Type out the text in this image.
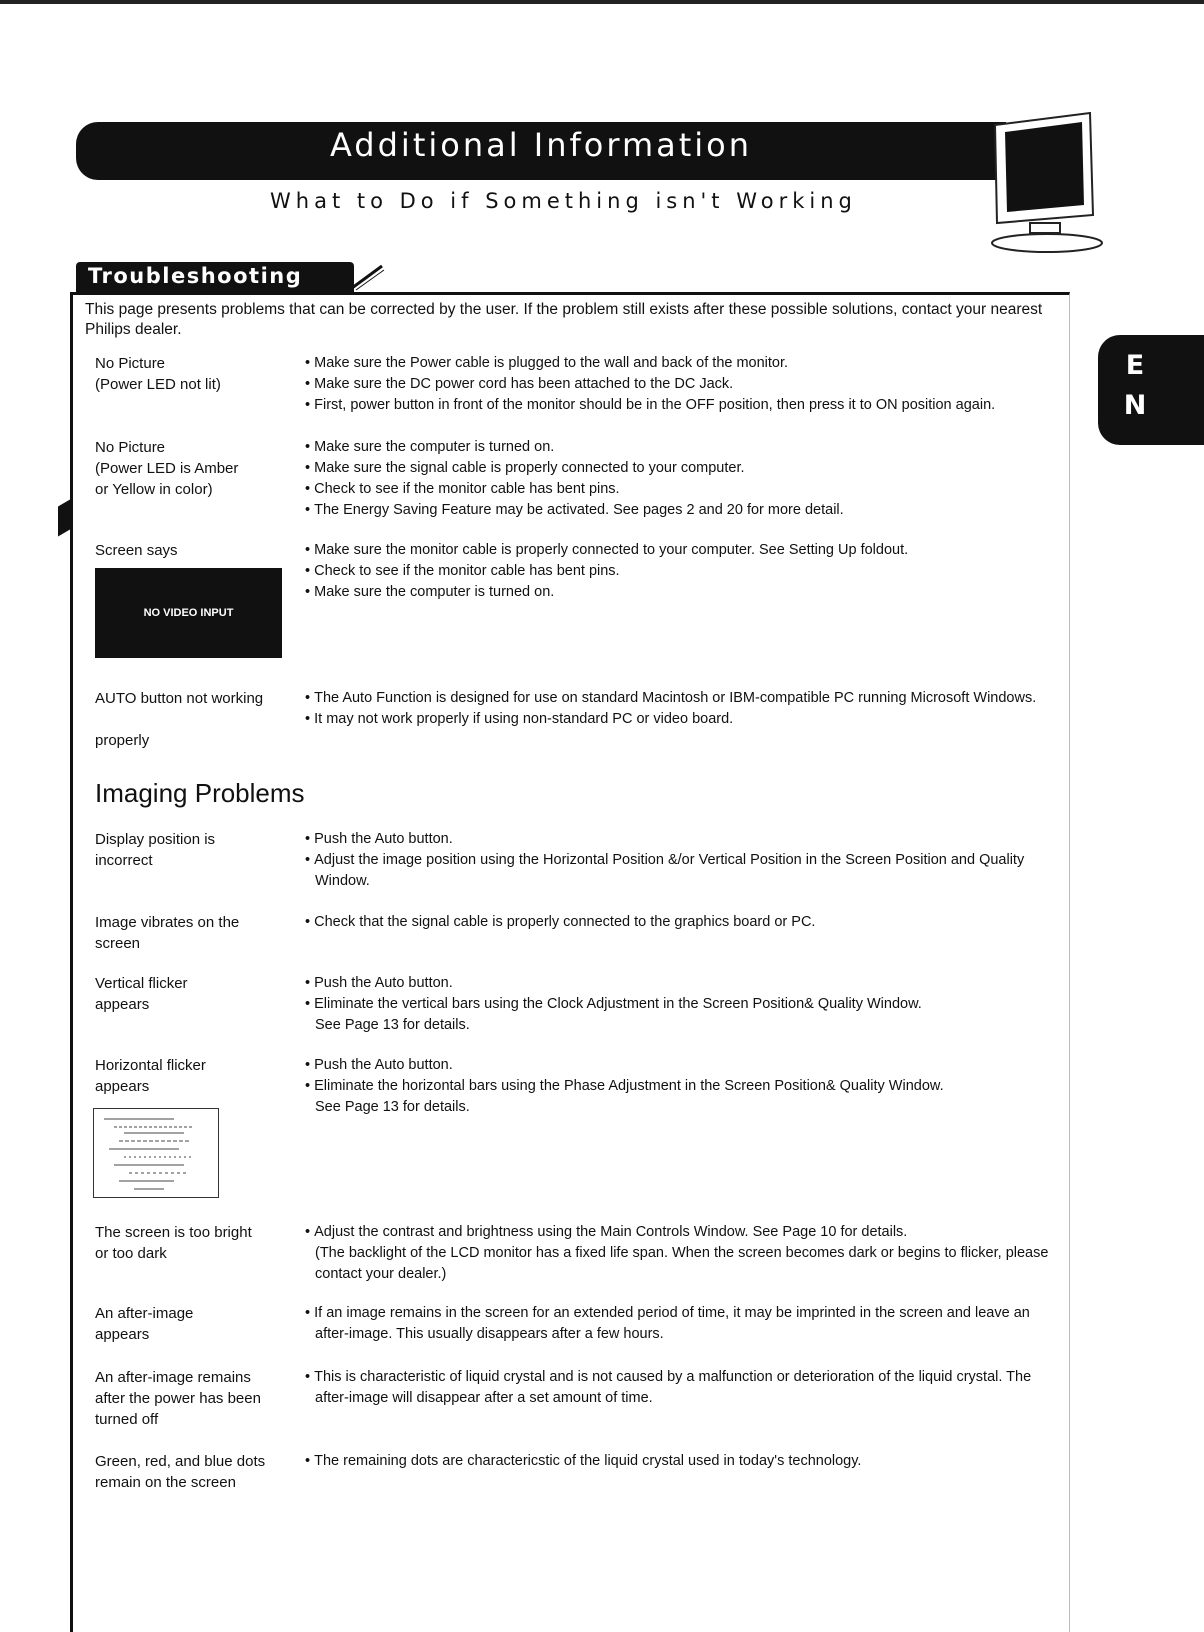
Additional Information
What to Do if Something isn't Working
E
N
Troubleshooting
This page presents problems that can be corrected by the user. If the problem still exists after these possible solutions, contact your nearest Philips dealer.
No Picture
(Power LED not lit)
• Make sure the Power cable is plugged to the wall and back of the monitor.
• Make sure the DC power cord has been attached to the DC Jack.
• First, power button in front of the monitor should be in the OFF position, then press it to ON position again.
No Picture
(Power LED is Amber
or Yellow in color)
• Make sure the computer is turned on.
• Make sure the signal cable is properly connected to your computer.
• Check to see if the monitor cable has bent pins.
• The Energy Saving Feature may be activated. See pages 2 and 20 for more detail.
Screen says
•	Make sure the monitor cable is properly connected to your computer. See Setting Up foldout.
• Check to see if the monitor cable has bent pins.
• Make sure the computer is turned on.
NO VIDEO INPUT
AUTO button not working

properly
• The Auto Function is designed for use on standard Macintosh or IBM-compatible PC running Microsoft Windows.
• It may not work properly if using non-standard PC or video board.
Imaging Problems
Display position is
incorrect
• Push the Auto button.
• Adjust the image position using the Horizontal Position &/or Vertical Position in the Screen Position and Quality Window.
Image vibrates on the
screen
• Check that the signal cable is properly connected to the graphics board or PC.
Vertical flicker
appears
• Push the Auto button.
• Eliminate the vertical bars using the Clock Adjustment in the Screen Position& Quality Window.
See Page 13 for details.
Horizontal flicker
appears
• Push the Auto button.
• Eliminate the horizontal bars using the Phase Adjustment in the Screen Position& Quality Window.
See Page 13 for details.
The screen is too bright
or too dark
• Adjust the contrast and brightness using the Main Controls Window. See Page 10 for details.
(The backlight of the LCD monitor has a fixed life span. When the screen becomes dark or begins to flicker, please contact your dealer.)
An after-image
appears
• If an image remains in the screen for an extended period of time, it may be imprinted in the screen and leave an after-image. This usually disappears after a few hours.
An after-image remains
after the power has been
turned off
• This is characteristic of liquid crystal and is not caused by a malfunction or deterioration of the liquid crystal. The after-image will disappear after a set amount of time.
Green, red, and blue dots
remain on the screen
• The remaining dots are charactericstic of the liquid crystal used in today's technology.
